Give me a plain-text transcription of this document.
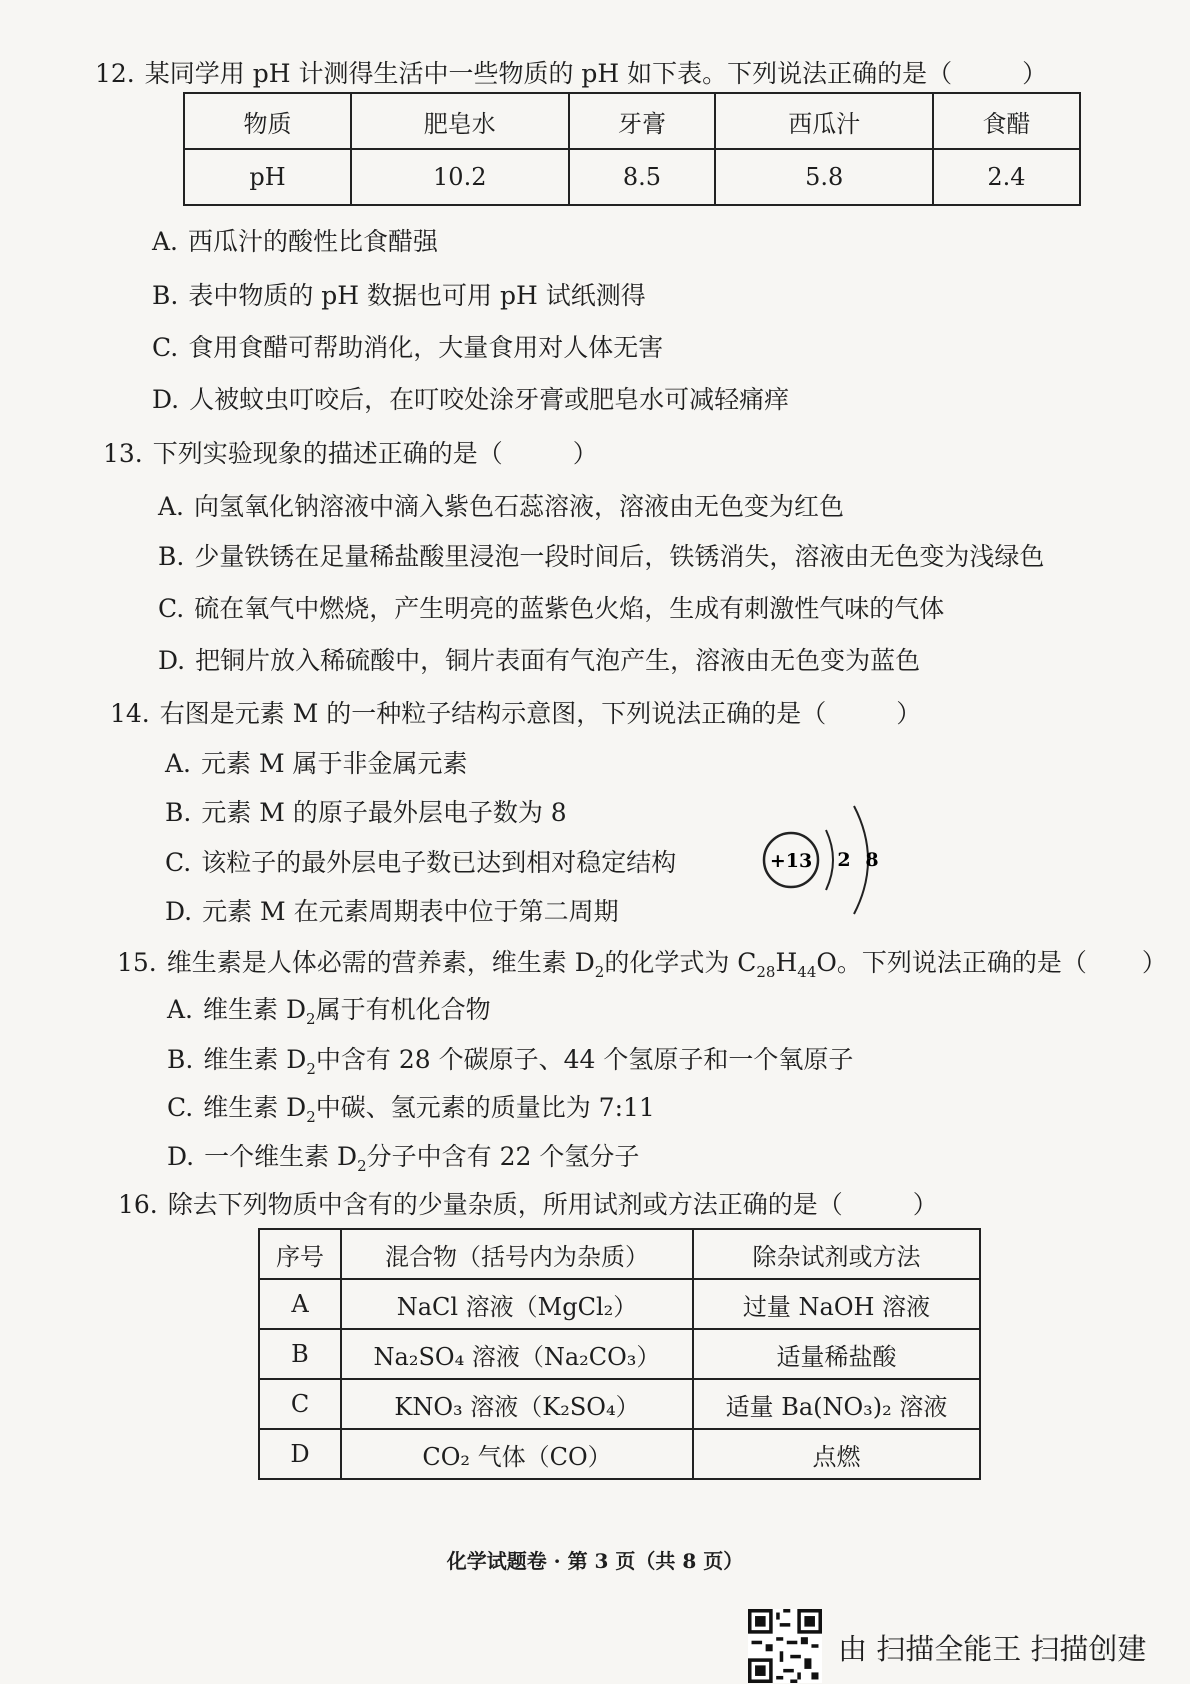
12. 某同学用 pH 计测得生活中一些物质的 pH 如下表。下列说法正确的是（	）
物质	肥皂水	牙膏	西瓜汁	食醋
pH	10.2	8.5	5.8	2.4
A. 西瓜汁的酸性比食醋强
B. 表中物质的 pH 数据也可用 pH 试纸测得
C. 食用食醋可帮助消化，大量食用对人体无害
D. 人被蚊虫叮咬后，在叮咬处涂牙膏或肥皂水可减轻痛痒
13. 下列实验现象的描述正确的是（	）
A. 向氢氧化钠溶液中滴入紫色石蕊溶液，溶液由无色变为红色
B. 少量铁锈在足量稀盐酸里浸泡一段时间后，铁锈消失，溶液由无色变为浅绿色
C. 硫在氧气中燃烧，产生明亮的蓝紫色火焰，生成有刺激性气味的气体
D. 把铜片放入稀硫酸中，铜片表面有气泡产生，溶液由无色变为蓝色
14. 右图是元素 M 的一种粒子结构示意图，下列说法正确的是（	）
A. 元素 M 属于非金属元素
B. 元素 M 的原子最外层电子数为 8
C. 该粒子的最外层电子数已达到相对稳定结构
D. 元素 M 在元素周期表中位于第二周期
+13 2 8
15. 维生素是人体必需的营养素，维生素 $D_2$的化学式为 $C_{28}H_{44}O$。下列说法正确的是（ ）
A. 维生素 $D_2$属于有机化合物
B. 维生素 $D_2$中含有 28 个碳原子、44 个氢原子和一个氧原子
C. 维生素 $D_2$中碳、氢元素的质量比为 7:11
D. 一个维生素 $D_2$分子中含有 22 个氢分子
16. 除去下列物质中含有的少量杂质，所用试剂或方法正确的是（	）
序号	混合物（括号内为杂质）	除杂试剂或方法
A	NaCl 溶液（MgCl₂）	过量 NaOH 溶液
B	Na₂SO₄ 溶液（Na₂CO₃）	适量稀盐酸
C	KNO₃ 溶液（K₂SO₄）	适量 Ba(NO₃)₂ 溶液
D	CO₂ 气体（CO）	点燃
化学试题卷 · 第 3 页（共 8 页）
由 扫描全能王 扫描创建
